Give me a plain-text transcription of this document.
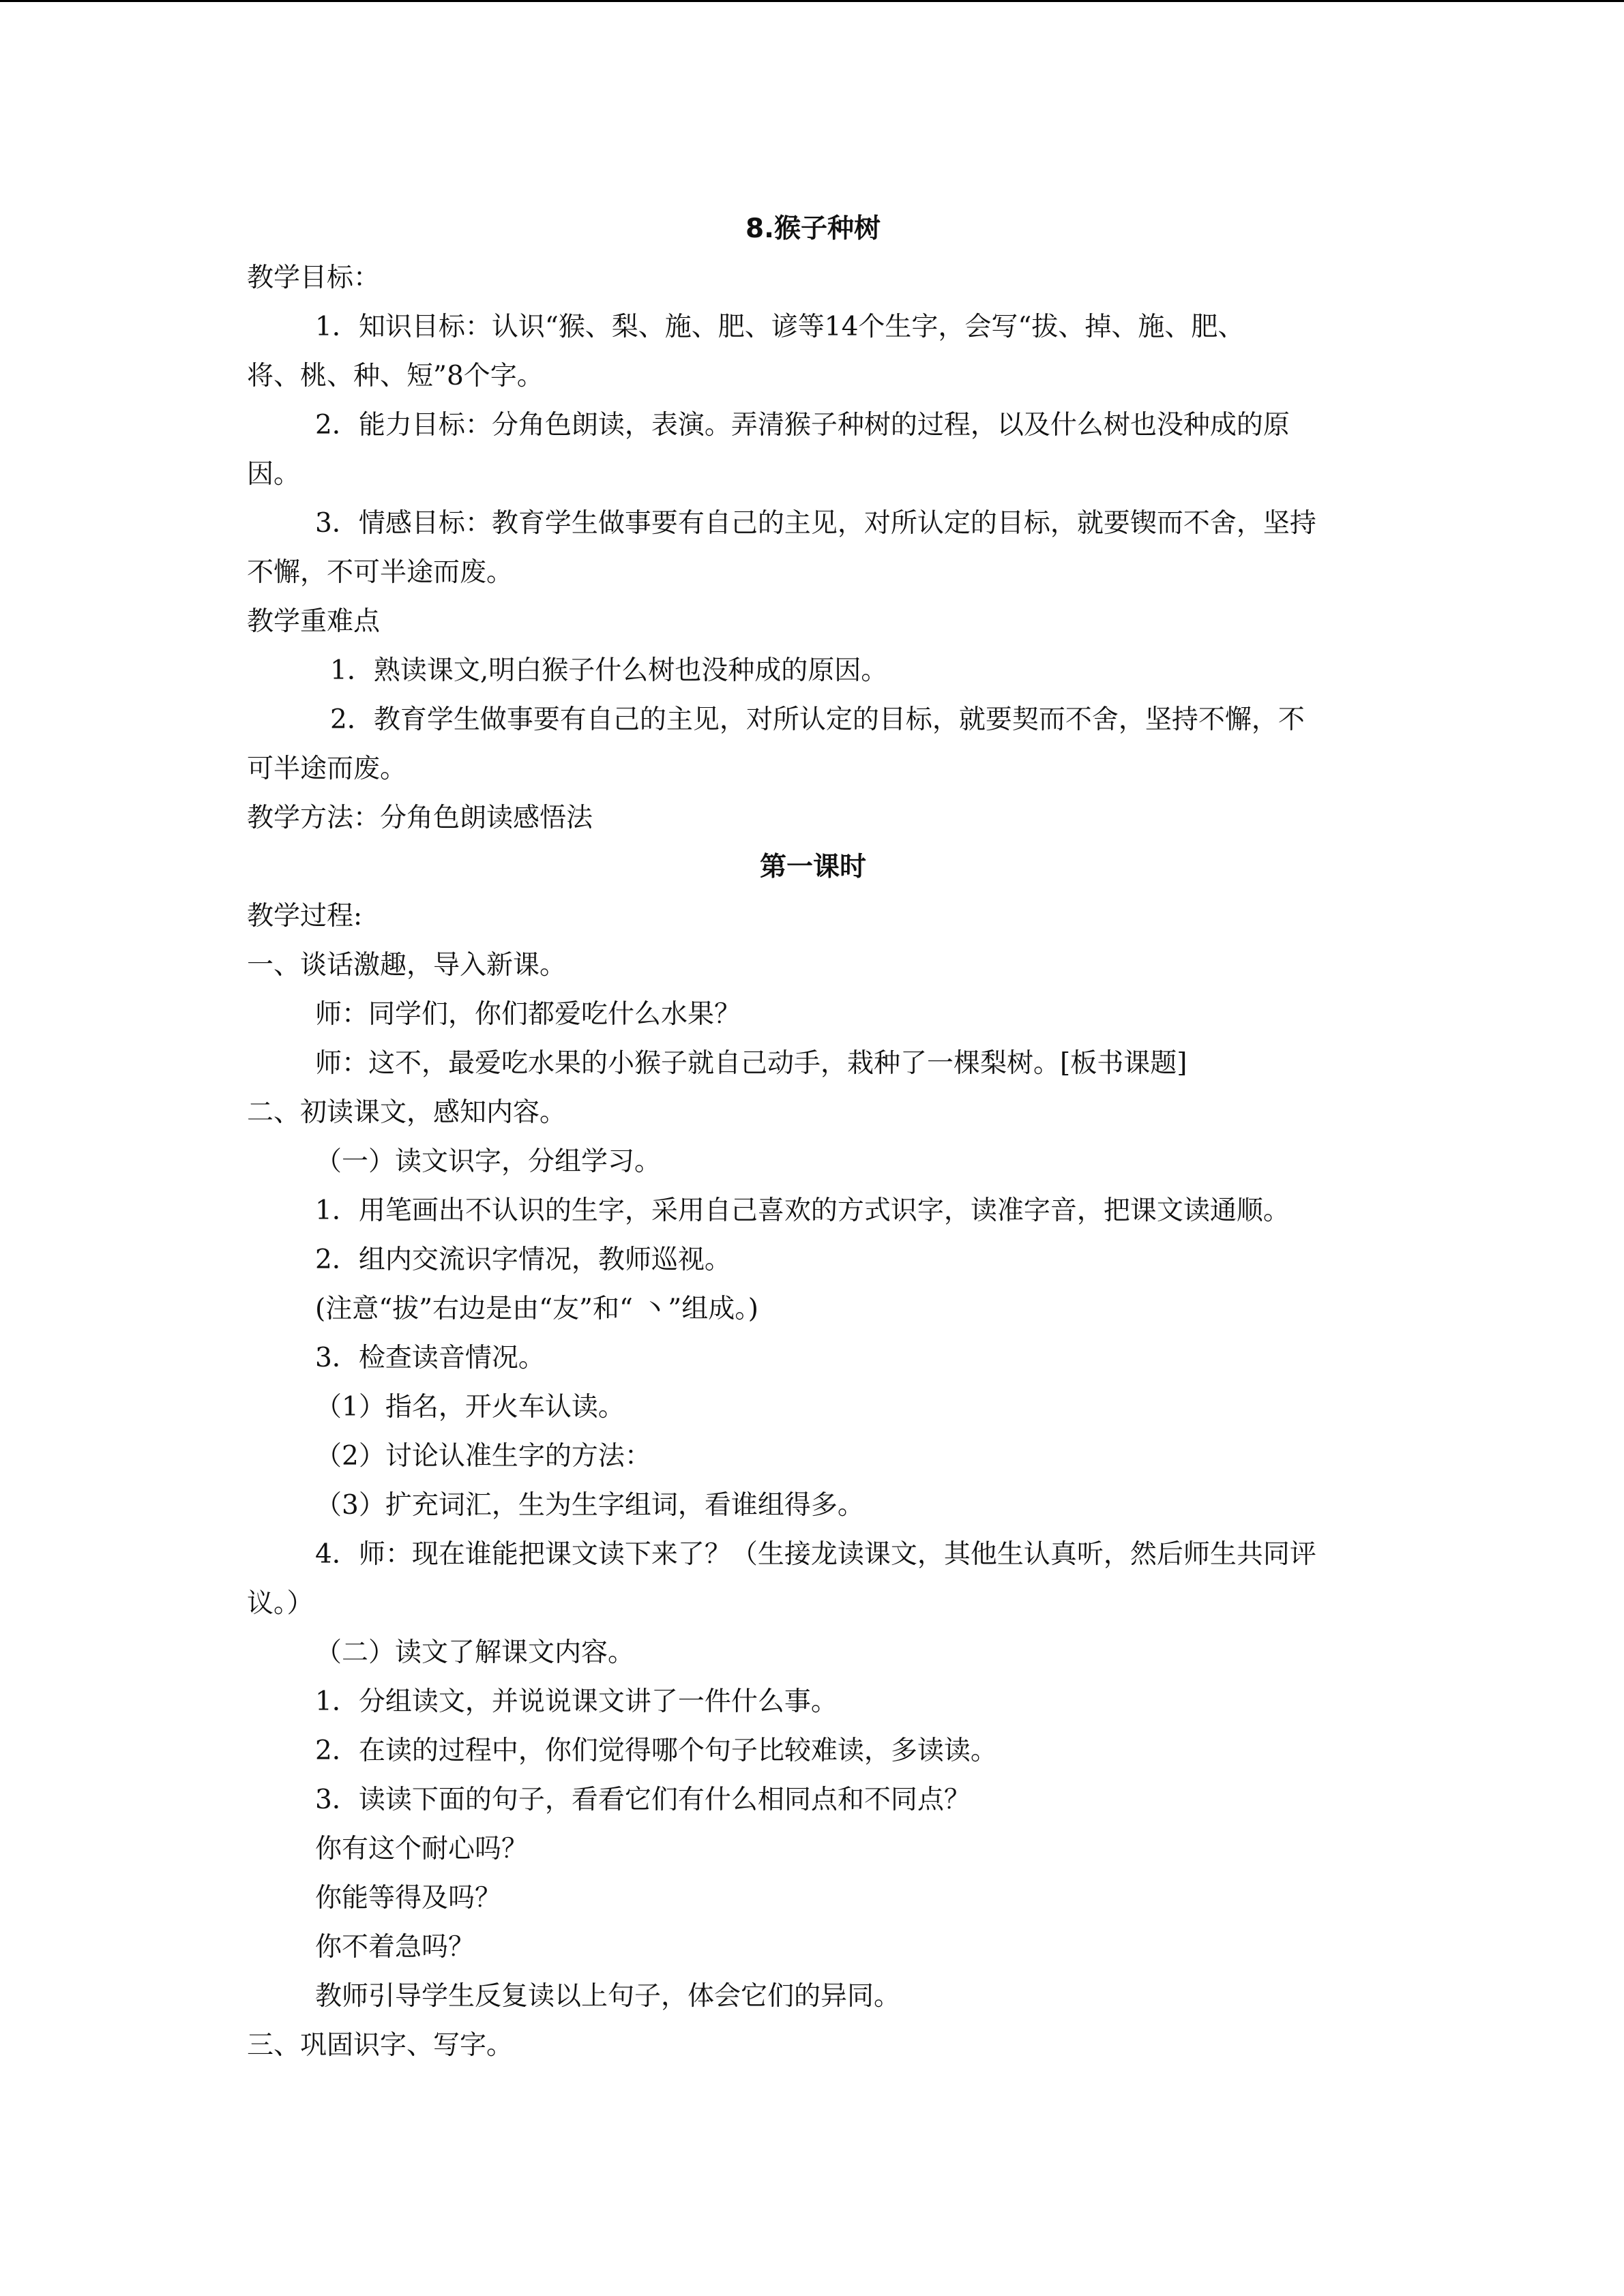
8.猴子种树
教学目标：
1．知识目标：认识“猴、梨、施、肥、谚等14个生字，会写“拔、掉、施、肥、
将、桃、种、短”8个字。
2．能力目标：分角色朗读，表演。弄清猴子种树的过程，以及什么树也没种成的原
因。
3．情感目标：教育学生做事要有自己的主见，对所认定的目标，就要锲而不舍，坚持
不懈，不可半途而废。
教学重难点
1．熟读课文,明白猴子什么树也没种成的原因。
2．教育学生做事要有自己的主见，对所认定的目标，就要契而不舍，坚持不懈，不
可半途而废。
教学方法：分角色朗读感悟法
第一课时
教学过程:
一、谈话激趣，导入新课。
师：同学们，你们都爱吃什么水果？
师：这不，最爱吃水果的小猴子就自己动手，栽种了一棵梨树。[板书课题]
二、初读课文，感知内容。
（一）读文识字，分组学习。
1．用笔画出不认识的生字，采用自己喜欢的方式识字，读准字音，把课文读通顺。
2．组内交流识字情况，教师巡视。
(注意“拔”右边是由“友”和“ 丶”组成。)
3．检查读音情况。
（1）指名，开火车认读。
（2）讨论认准生字的方法：
（3）扩充词汇，生为生字组词，看谁组得多。
4．师：现在谁能把课文读下来了？（生接龙读课文，其他生认真听，然后师生共同评
议。）
（二）读文了解课文内容。
1．分组读文，并说说课文讲了一件什么事。
2．在读的过程中，你们觉得哪个句子比较难读，多读读。
3．读读下面的句子，看看它们有什么相同点和不同点？
你有这个耐心吗？
你能等得及吗？
你不着急吗？
教师引导学生反复读以上句子，体会它们的异同。
三、巩固识字、写字。
